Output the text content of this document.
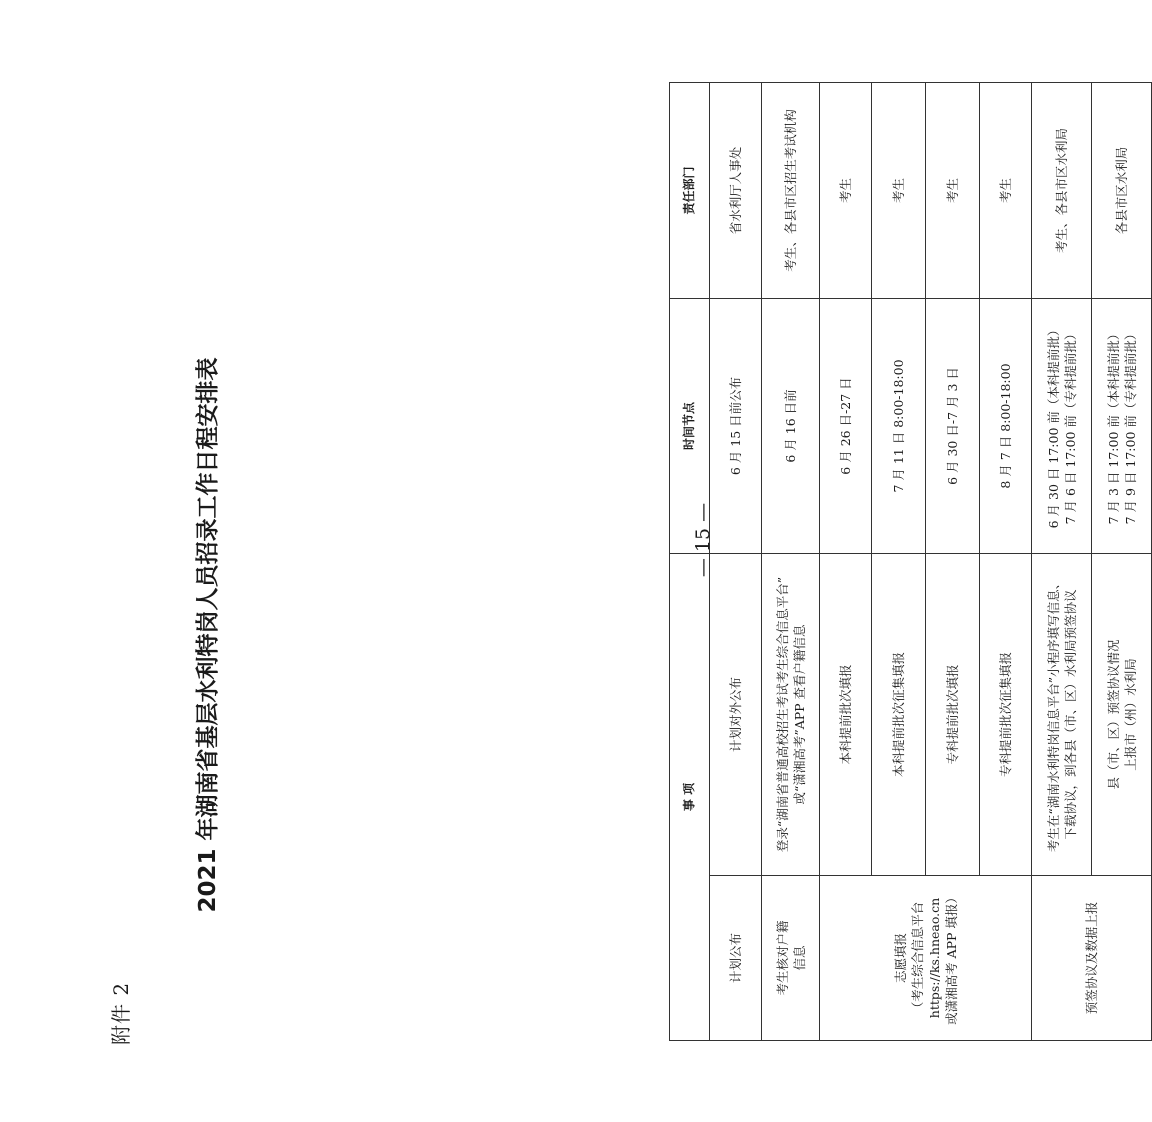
附件 2
2021 年湖南省基层水利特岗人员招录工作日程安排表	事 项		时间节点	责任部门

计划公布	计划对外公布	6 月 15 日前公布	省水利厅人事处

考生核对户籍 信息	登录“湖南省普通高校招生考试考生综合信息平台” 或“潇湘高考”APP 查看户籍信息	6 月 16 日前	考生、各县市区招生考试机构

志愿填报 （考生综合信息平台 https://ks.hneao.cn 或潇湘高考 APP 填报）	本科提前批次填报	6 月 26 日-27 日	考生

	本科提前批次征集填报	7 月 11 日 8:00-18:00	考生

	专科提前批次填报	6 月 30 日-7 月 3 日	考生

	专科提前批次征集填报	8 月 7 日 8:00-18:00	考生

预签协议及数据上报	考生在“湖南水利特岗信息平台”小程序填写信息、 下载协议，到各县（市、区）水利局预签协议	6 月 30 日 17:00 前（本科提前批） 7 月 6 日 17:00 前（专科提前批）	考生、各县市区水利局

	县（市、区）预签协议情况 上报市（州）水利局	7 月 3 日 17:00 前（本科提前批） 7 月 9 日 17:00 前（专科提前批）	各县市区水利局
— 15 —
